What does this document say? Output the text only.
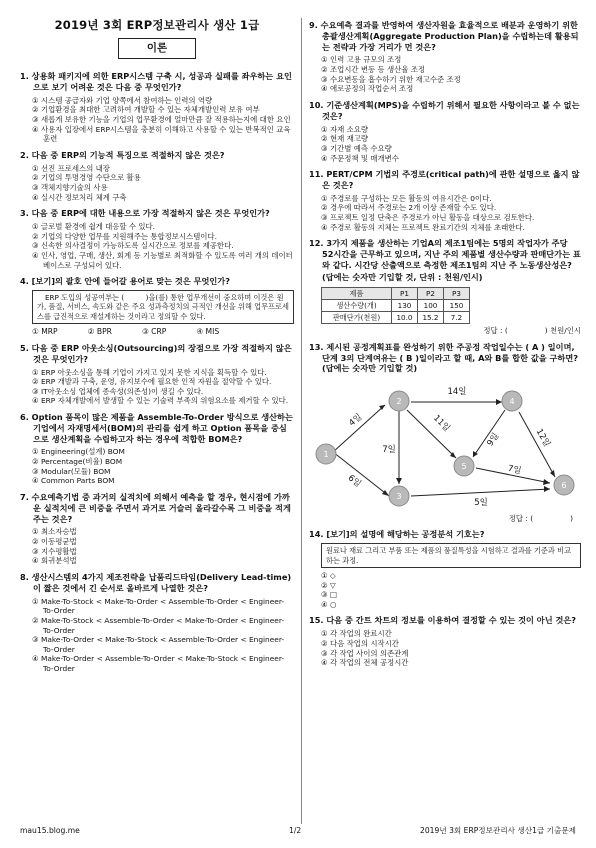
2019년 3회 ERP정보관리사 생산 1급
이론
1. 상용화 패키지에 의한 ERP시스템 구축 시, 성공과 실패를 좌우하는 요인으로 보기 어려운 것은 다음 중 무엇인가?
① 시스템 공급자와 기업 양쪽에서 참여하는 인력의 역량
② 기업환경을 최대한 고려하여 개발할 수 있는 자체개발인력 보유 여부
③ 새롭게 보유한 기능을 기업의 업무환경에 얼마만큼 잘 적용하는지에 대한 요인
④ 사용자 입장에서 ERP시스템을 충분히 이해하고 사용할 수 있는 반복적인 교육훈련
2. 다음 중 ERP의 기능적 특징으로 적절하지 않은 것은?
① 선진 프로세스의 내장
② 기업의 투명경영 수단으로 활용
③ 객체지향기술의 사용
④ 실시간 정보처리 체계 구축
3. 다음 중 ERP에 대한 내용으로 가장 적절하지 않은 것은 무엇인가?
① 글로벌 환경에 쉽게 대응할 수 있다.
② 기업의 다양한 업무를 지원해주는 통합정보시스템이다.
③ 신속한 의사결정이 가능하도록 실시간으로 정보를 제공한다.
④ 인사, 영업, 구매, 생산, 회계 등 기능별로 최적화할 수 있도록 여러 개의 데이터베이스로 구성되어 있다.
4. [보기]의 괄호 안에 들어갈 용어로 맞는 것은 무엇인가?
ERP 도입의 성공여부는 (　　　)을(를) 통한 업무개선이 중요하며 이것은 원가, 품질, 서비스, 속도와 같은 주요 성과측정치의 극적인 개선을 위해 업무프로세스를 급진적으로 재설계하는 것이라고 정의할 수 있다.
① MRP	② BPR	③ CRP	④ MIS
5. 다음 중 ERP 아웃소싱(Outsourcing)의 장점으로 가장 적절하지 않은 것은 무엇인가?
① ERP 아웃소싱을 통해 기업이 가지고 있지 못한 지식을 획득할 수 있다.
② ERP 개발과 구축, 운영, 유지보수에 필요한 인적 자원을 절약할 수 있다.
③ IT아웃소싱 업체에 종속성(의존성)이 생길 수 있다.
④ ERP 자체개발에서 발생할 수 있는 기술력 부족의 위험요소를 제거할 수 있다.
6. Option 품목이 많은 제품을 Assemble-To-Order 방식으로 생산하는 기업에서 자재명세서(BOM)의 관리를 쉽게 하고 Option 품목을 중심으로 생산계획을 수립하고자 하는 경우에 적합한 BOM은?
① Engineering(설계) BOM
② Percentage(비율) BOM
③ Modular(모듈) BOM
④ Common Parts BOM
7. 수요예측기법 중 과거의 실적치에 의해서 예측을 할 경우, 현시점에 가까운 실적치에 큰 비중을 주면서 과거로 거슬러 올라갈수록 그 비중을 적게 주는 것은?
① 최소자승법
② 이동평균법
③ 지수평활법
④ 회귀분석법
8. 생산시스템의 4가지 제조전략을 납품리드타임(Delivery Lead-time)이 짧은 것에서 긴 순서로 올바르게 나열한 것은?
① Make-To-Stock < Make-To-Order < Assemble-To-Order < Engineer-To-Order
② Make-To-Stock < Assemble-To-Order < Make-To-Order < Engineer-To-Order
③ Make-To-Order < Make-To-Stock < Assemble-To-Order < Engineer-To-Order
④ Make-To-Order < Assemble-To-Order < Make-To-Stock < Engineer-To-Order
9. 수요예측 결과를 반영하여 생산자원을 효율적으로 배분과 운영하기 위한 총괄생산계획(Aggregate Production Plan)을 수립하는데 활용되는 전략과 가장 거리가 먼 것은?
① 인력 고용 규모의 조정
② 조업시간 변동 등 생산율 조정
③ 수요변동을 흡수하기 위한 재고수준 조정
④ 애로공정의 작업순서 조정
10. 기준생산계획(MPS)을 수립하기 위해서 필요한 사항이라고 볼 수 없는 것은?
① 자재 소요량
② 현재 재고량
③ 기간별 예측 수요량
④ 주문정책 및 매개변수
11. PERT/CPM 기법의 주경로(critical path)에 관한 설명으로 옳지 않은 것은?
① 주경로를 구성하는 모든 활동의 여유시간은 0이다.
② 경우에 따라서 주경로는 2개 이상 존재할 수도 있다.
③ 프로젝트 일정 단축은 주경로가 아닌 활동을 대상으로 검토한다.
④ 주경로 활동의 지체는 프로젝트 완료기간의 지체를 초래한다.
12. 3가지 제품을 생산하는 기업A의 제조1팀에는 5명의 작업자가 주당 52시간을 근무하고 있으며, 지난 주의 제품별 생산수량과 판매단가는 표와 같다. 시간당 산출액으로 측정한 제조1팀의 지난 주 노동생산성은?
(답에는 숫자만 기입할 것, 단위 : 천원/인시)
제품	P1	P2	P3
생산수량(개)	130	100	150
판매단가(천원)	10.0	15.2	7.2
정답 : (　　　　　) 천원/인시
13. 제시된 공정계획표를 완성하기 위한 주공정 작업일수는 ( A ) 일이며, 단계 3의 단계여유는 ( B )일이라고 할 때, A와 B를 합한 값을 구하면? (답에는 숫자만 기입할 것)
1
2
3
4
5
6
4일
6일
7일
14일
11일
9일	12일
7일
5일
정답 : (　　　　　)
14. [보기]의 설명에 해당하는 공정분석 기호는?
원료나 재료 그리고 부품 또는 제품의 품질특성을 시험하고 결과를 기준과 비교하는 과정.
① ◇
② ▽
③ □
④ ○
15. 다음 중 간트 차트의 정보를 이용하여 결정할 수 있는 것이 아닌 것은?
① 각 작업의 완료시간
② 다음 작업의 시작시간
③ 각 작업 사이의 의존관계
④ 각 작업의 전체 공정시간
mau15.blog.me	1/2	2019년 3회 ERP정보관리사 생산1급 기출문제
